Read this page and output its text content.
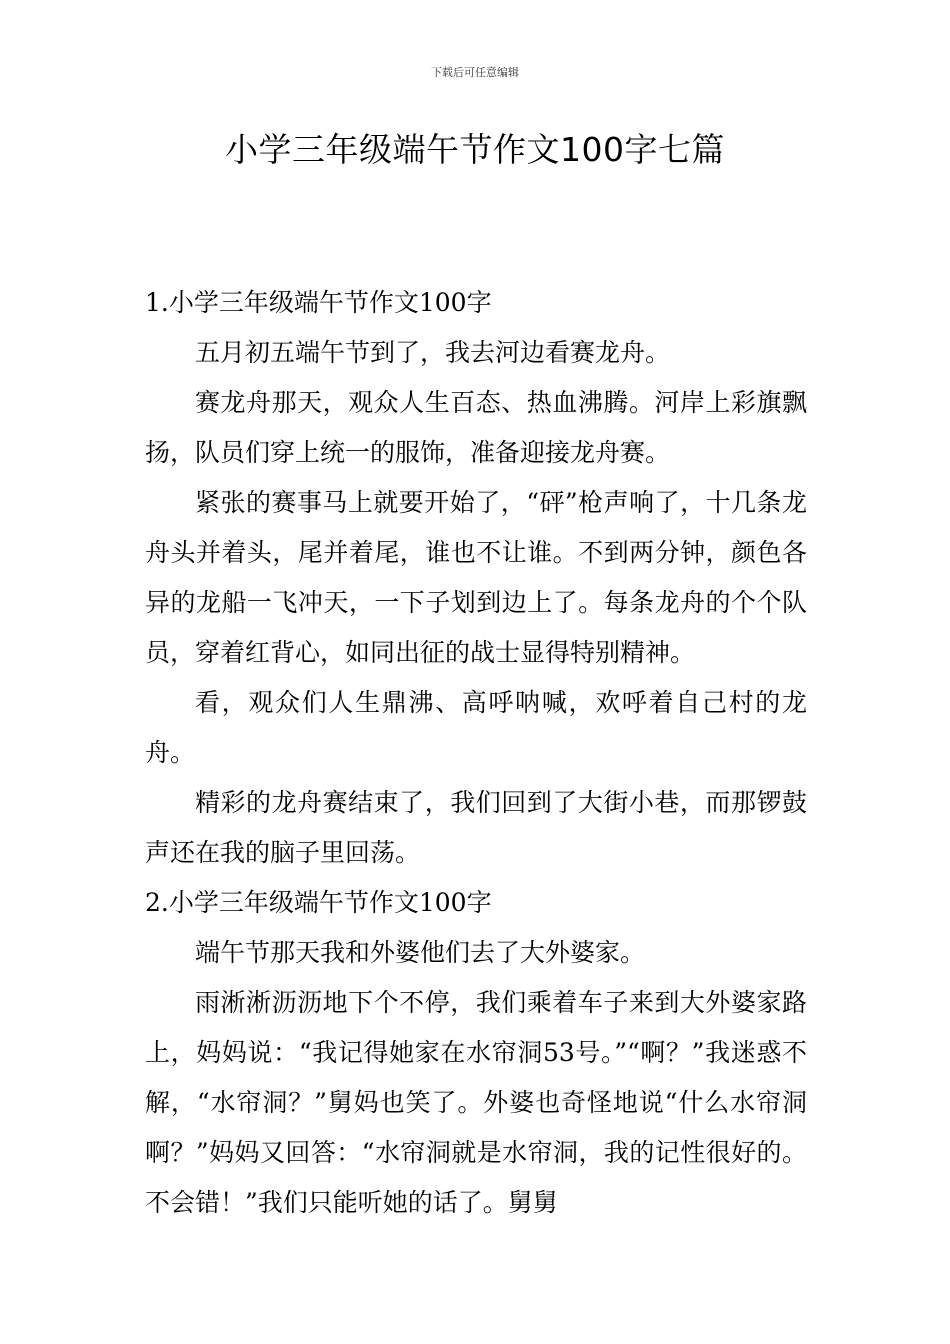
下载后可任意编辑
小学三年级端午节作文100字七篇

1.小学三年级端午节作文100字

五月初五端午节到了，我去河边看赛龙舟。

赛龙舟那天，观众人生百态、热血沸腾。河岸上彩旗飘扬，队员们穿上统一的服饰，准备迎接龙舟赛。

紧张的赛事马上就要开始了，“砰”枪声响了，十几条龙舟头并着头，尾并着尾，谁也不让谁。不到两分钟，颜色各异的龙船一飞冲天，一下子划到边上了。每条龙舟的个个队员，穿着红背心，如同出征的战士显得特别精神。

看，观众们人生鼎沸、高呼呐喊，欢呼着自己村的龙舟。

精彩的龙舟赛结束了，我们回到了大街小巷，而那锣鼓声还在我的脑子里回荡。

2.小学三年级端午节作文100字

端午节那天我和外婆他们去了大外婆家。

雨淅淅沥沥地下个不停，我们乘着车子来到大外婆家路上，妈妈说：“我记得她家在水帘洞53号。”“啊？”我迷惑不解，“水帘洞？”舅妈也笑了。外婆也奇怪地说“什么水帘洞啊？”妈妈又回答：“水帘洞就是水帘洞，我的记性很好的。不会错！”我们只能听她的话了。舅舅
